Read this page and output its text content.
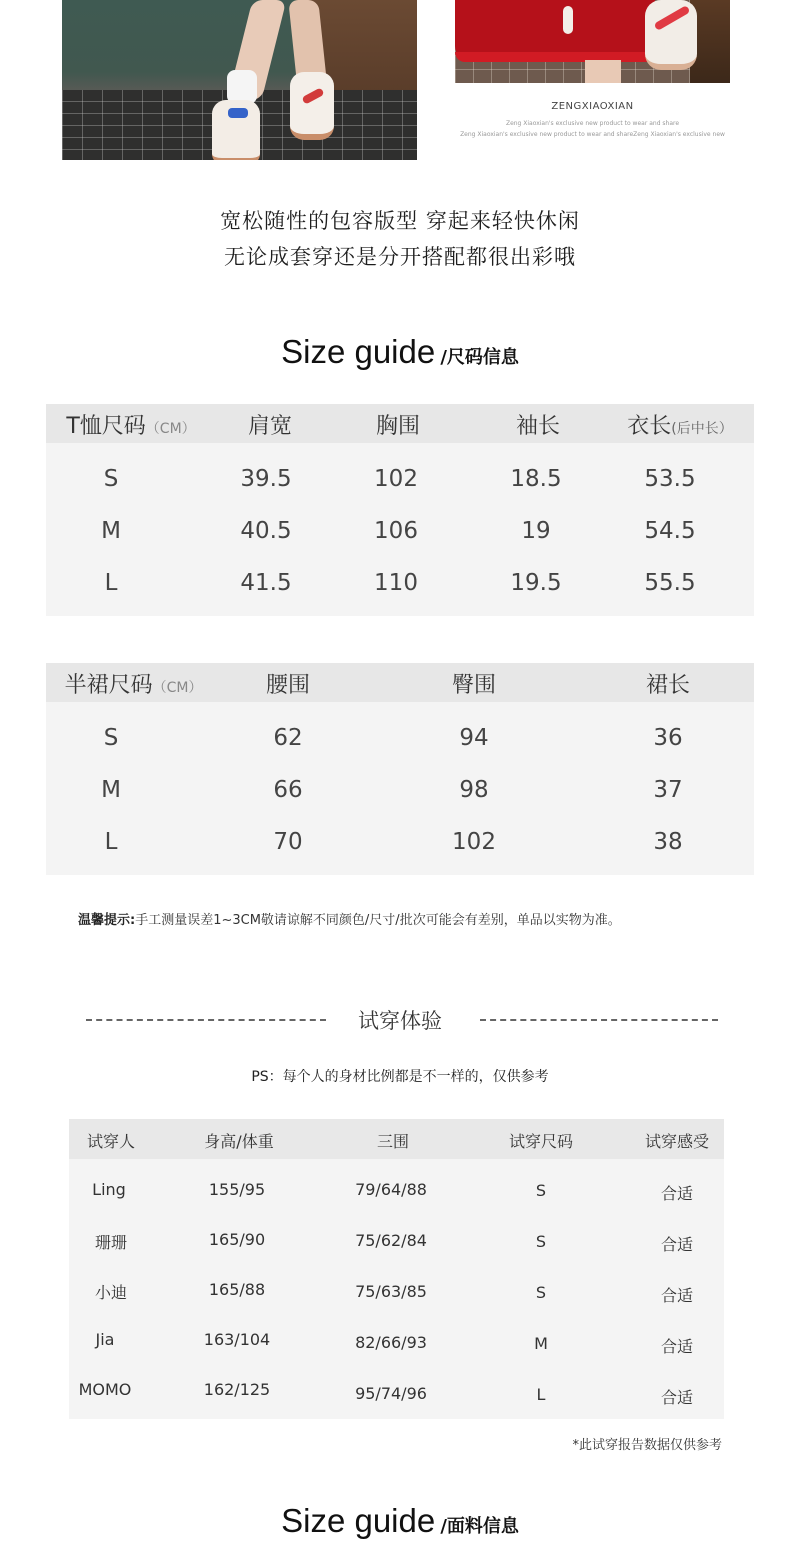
ZENGXIAOXIAN
Zeng Xiaoxian's exclusive new product to wear and share
Zeng Xiaoxian's exclusive new product to wear and shareZeng Xiaoxian's exclusive new
宽松随性的包容版型 穿起来轻快休闲
无论成套穿还是分开搭配都很出彩哦
Size guide /尺码信息
T恤尺码（CM）	肩宽	胸围	袖长	衣长(后中长）
S	39.5	102	18.5	53.5
M	40.5	106	19	54.5
L	41.5	110	19.5	55.5
半裙尺码（CM）	腰围	臀围	裙长
S	62	94	36
M	66	98	37
L	70	102	38
温馨提示:手工测量误差1~3CM敬请谅解不同颜色/尺寸/批次可能会有差别，单品以实物为准。
试穿体验
PS：每个人的身材比例都是不一样的，仅供参考
试穿人	身高/体重	三围	试穿尺码	试穿感受
Ling	155/95	79/64/88	S	合适
珊珊	165/90	75/62/84	S	合适
小迪	165/88	75/63/85	S	合适
Jia	163/104	82/66/93	M	合适
MOMO	162/125	95/74/96	L	合适
*此试穿报告数据仅供参考
Size guide /面料信息
